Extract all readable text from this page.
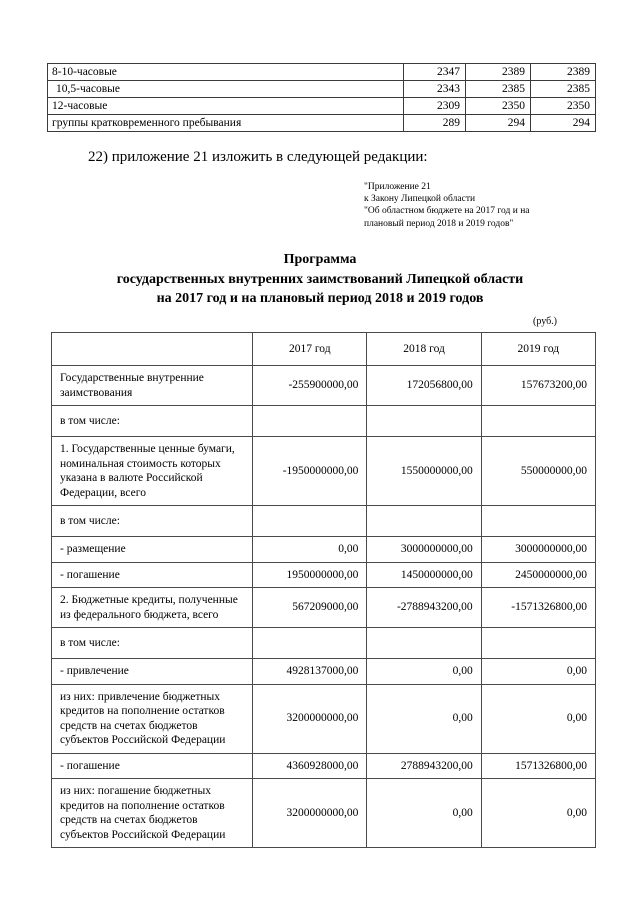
8-10-часовые	2347	2389	2389
10,5-часовые	2343	2385	2385
12-часовые	2309	2350	2350
группы кратковременного пребывания	289	294	294
22) приложение 21 изложить в следующей редакции:
"Приложение 21
к Закону Липецкой области
"Об областном бюджете на 2017 год и на
плановый период 2018 и 2019 годов"
Программа
государственных внутренних заимствований Липецкой области
на 2017 год и на плановый период 2018 и 2019 годов
(руб.)
	2017 год	2018 год	2019 год
Государственные внутренние заимствования	-255900000,00	172056800,00	157673200,00
в том числе:			
1. Государственные ценные бумаги, номинальная стоимость которых указана в валюте Российской Федерации, всего	-1950000000,00	1550000000,00	550000000,00
в том числе:			
- размещение	0,00	3000000000,00	3000000000,00
- погашение	1950000000,00	1450000000,00	2450000000,00
2. Бюджетные кредиты, полученные из федерального бюджета, всего	567209000,00	-2788943200,00	-1571326800,00
в том числе:			
- привлечение	4928137000,00	0,00	0,00
из них: привлечение бюджетных кредитов на пополнение остатков средств на счетах бюджетов субъектов Российской Федерации	3200000000,00	0,00	0,00
- погашение	4360928000,00	2788943200,00	1571326800,00
из них: погашение бюджетных кредитов на пополнение остатков средств на счетах бюджетов субъектов Российской Федерации	3200000000,00	0,00	0,00
